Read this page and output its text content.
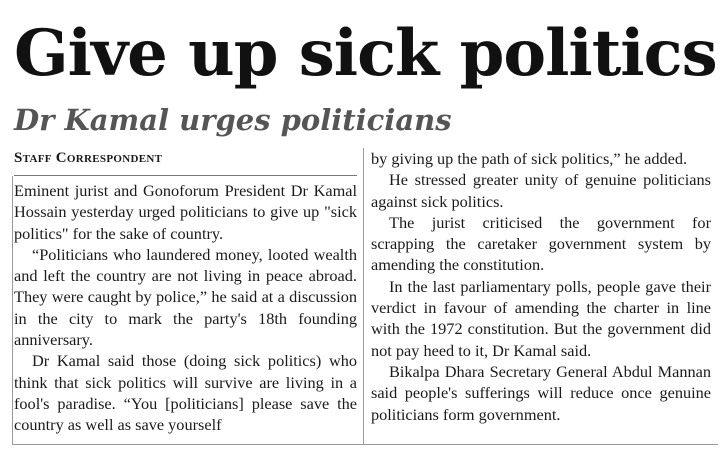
Give up sick politics
Dr Kamal urges politicians
Staff Correspondent

Eminent jurist and Gonoforum President Dr Kamal Hossain yesterday urged politicians to give up "sick politics" for the sake of country.

“Politicians who laundered money, looted wealth and left the country are not living in peace abroad. They were caught by police,” he said at a discussion in the city to mark the party's 18th founding anniversary.

Dr Kamal said those (doing sick politics) who think that sick politics will survive are living in a fool's paradise. “You [politicians] please save the country as well as save yourself

by giving up the path of sick politics,” he added.

He stressed greater unity of genuine politicians against sick politics.

The jurist criticised the government for scrapping the caretaker government system by amending the constitution.

In the last parliamentary polls, people gave their verdict in favour of amending the charter in line with the 1972 constitution. But the government did not pay heed to it, Dr Kamal said.

Bikalpa Dhara Secretary General Abdul Mannan said people's sufferings will reduce once genuine politicians form government.
